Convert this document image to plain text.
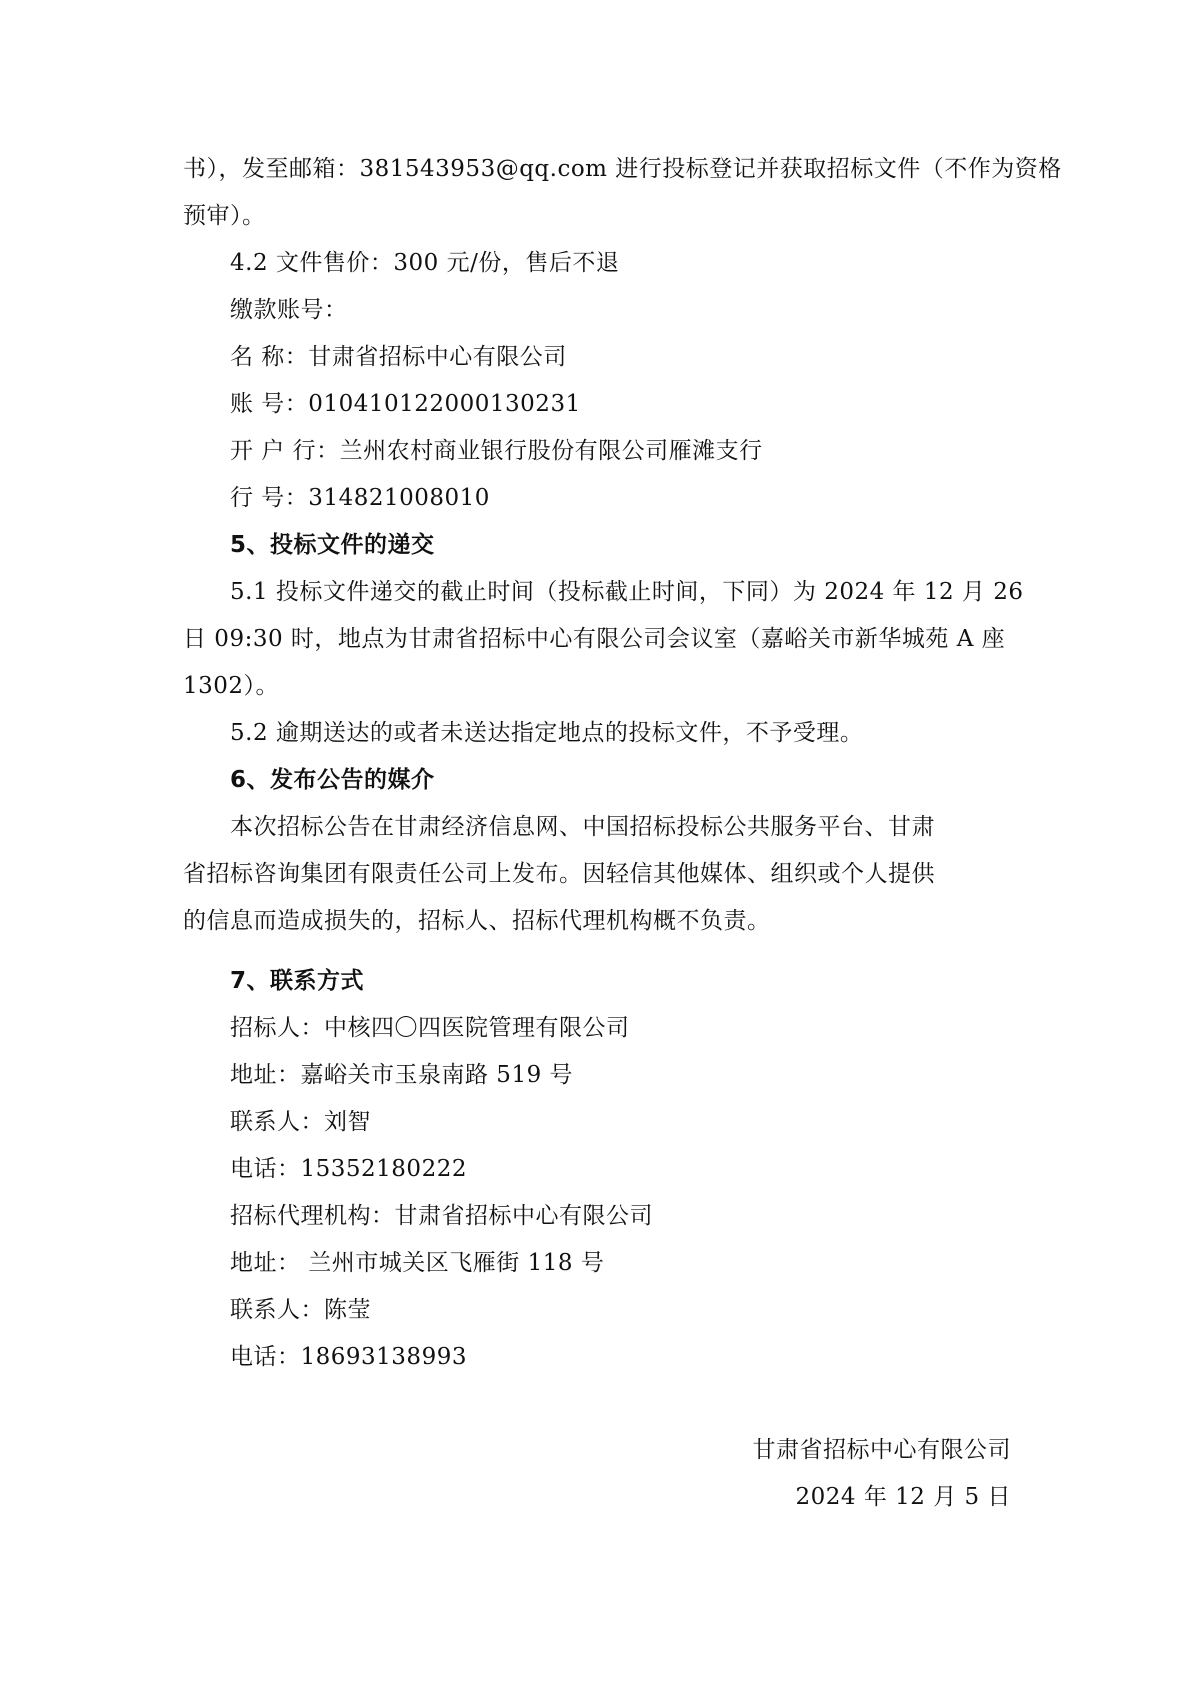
书），发至邮箱：381543953@qq.com 进行投标登记并获取招标文件（不作为资格
预审）。
4.2 文件售价：300 元/份，售后不退
缴款账号：
名 称：甘肃省招标中心有限公司
账 号：010410122000130231
开 户 行：兰州农村商业银行股份有限公司雁滩支行
行 号：314821008010
5、投标文件的递交
5.1 投标文件递交的截止时间（投标截止时间，下同）为 2024 年 12 月 26
日 09:30 时，地点为甘肃省招标中心有限公司会议室（嘉峪关市新华城苑 A 座
1302）。
5.2 逾期送达的或者未送达指定地点的投标文件，不予受理。
6、发布公告的媒介
本次招标公告在甘肃经济信息网、中国招标投标公共服务平台、甘肃
省招标咨询集团有限责任公司上发布。因轻信其他媒体、组织或个人提供
的信息而造成损失的，招标人、招标代理机构概不负责。
7、联系方式
招标人：中核四〇四医院管理有限公司
地址：嘉峪关市玉泉南路 519 号
联系人：刘智
电话：15352180222
招标代理机构：甘肃省招标中心有限公司
地址： 兰州市城关区飞雁街 118 号
联系人：陈莹
电话：18693138993
甘肃省招标中心有限公司
2024 年 12 月 5 日
